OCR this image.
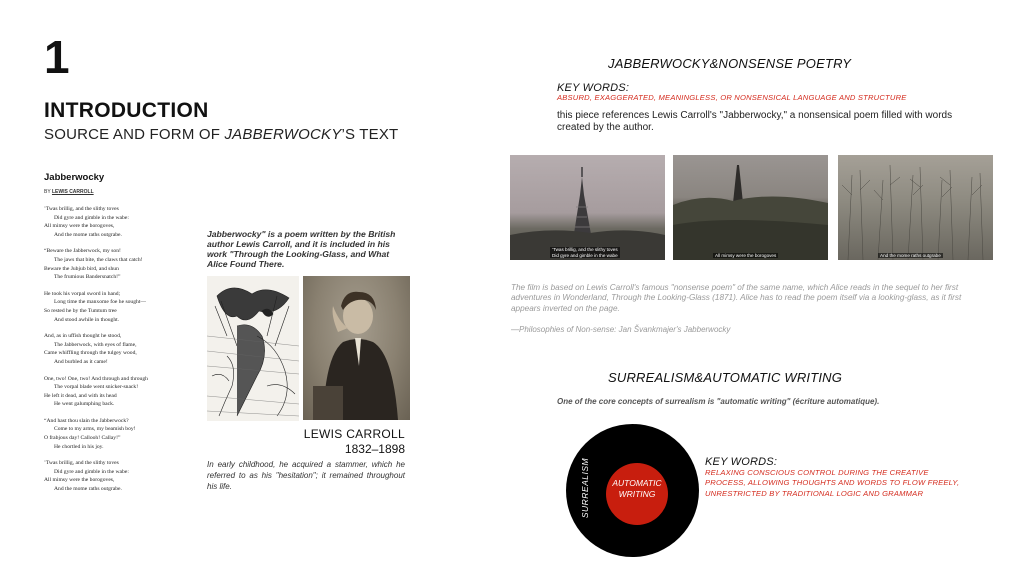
1
INTRODUCTION
SOURCE AND FORM OF JABBERWOCKY’S TEXT
Jabberwocky
BY LEWIS CARROLL
’Twas brillig, and the slithy toves
Did gyre and gimble in the wabe:
All mimsy were the borogoves,
And the mome raths outgrabe.
“Beware the Jabberwock, my son!
The jaws that bite, the claws that catch!
Beware the Jubjub bird, and shun
The frumious Bandersnatch!”
He took his vorpal sword in hand;
Long time the manxome foe he sought—
So rested he by the Tumtum tree
And stood awhile in thought.
And, as in uffish thought he stood,
The Jabberwock, with eyes of flame,
Came whiffling through the tulgey wood,
And burbled as it came!
One, two! One, two! And through and through
The vorpal blade went snicker-snack!
He left it dead, and with its head
He went galumphing back.
“And hast thou slain the Jabberwock?
Come to my arms, my beamish boy!
O frabjous day! Callooh! Callay!”
He chortled in his joy.
’Twas brillig, and the slithy toves
Did gyre and gimble in the wabe:
All mimsy were the borogoves,
And the mome raths outgrabe.
Jabberwocky" is a poem written by the British author Lewis Carroll, and it is included in his work "Through the Looking-Glass, and What Alice Found There.
LEWIS CARROLL
1832–1898
In early childhood, he acquired a stammer, which he referred to as his "hesitation"; it remained throughout his life.
JABBERWOCKY&NONSENSE POETRY
KEY WORDS:
ABSURD, EXAGGERATED, MEANINGLESS, OR NONSENSICAL LANGUAGE AND STRUCTURE
this piece references Lewis Carroll's "Jabberwocky," a nonsensical poem filled with words created by the author.
’Twas brillig, and the slithy toves
Did gyre and gimble in the wabe	All mimsy were the borogoves	And the mome raths outgrabe
The film is based on Lewis Carroll's famous "nonsense poem" of the same name, which Alice reads in the sequel to her first adventures in Wonderland, Through the Looking-Glass (1871). Alice has to read the poem itself via a looking-glass, as it first appears inverted on the page.
—Philosophies of Non-sense: Jan Švankmajer's Jabberwocky
SURREALISM&AUTOMATIC WRITING
One of the core concepts of surrealism is "automatic writing" (écriture automatique).
SURREALISM	AUTOMATIC WRITING
KEY WORDS:
RELAXING CONSCIOUS CONTROL DURING THE CREATIVE PROCESS, ALLOWING THOUGHTS AND WORDS TO FLOW FREELY, UNRESTRICTED BY TRADITIONAL LOGIC AND GRAMMAR
